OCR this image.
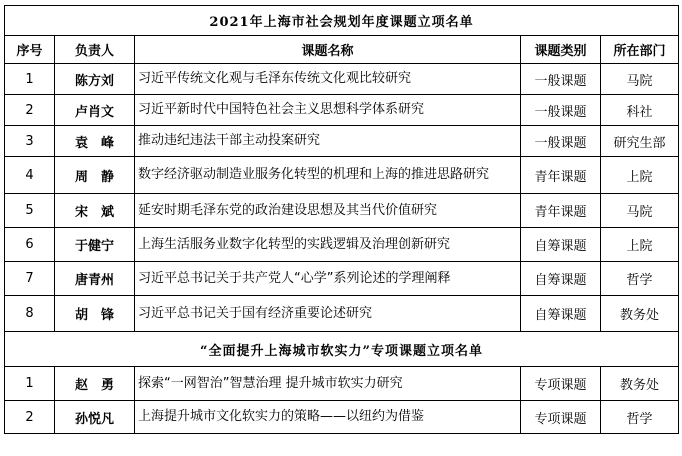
2021年上海市社会规划年度课题立项名单				
序号	负责人	课题名称	课题类别	所在部门
1	陈方刘	习近平传统文化观与毛泽东传统文化观比较研究	一般课题	马院
2	卢肖文	习近平新时代中国特色社会主义思想科学体系研究	一般课题	科社
3	袁　峰	推动违纪违法干部主动投案研究	一般课题	研究生部
4	周　静	数字经济驱动制造业服务化转型的机理和上海的推进思路研究	青年课题	上院
5	宋　斌	延安时期毛泽东党的政治建设思想及其当代价值研究	青年课题	马院
6	于健宁	上海生活服务业数字化转型的实践逻辑及治理创新研究	自筹课题	上院
7	唐青州	习近平总书记关于共产党人“心学”系列论述的学理阐释	自筹课题	哲学
8	胡　锋	习近平总书记关于国有经济重要论述研究	自筹课题	教务处
“全面提升上海城市软实力”专项课题立项名单				
1	赵　勇	探索“一网智治”智慧治理 提升城市软实力研究	专项课题	教务处
2	孙悦凡	上海提升城市文化软实力的策略——以纽约为借鉴	专项课题	哲学
